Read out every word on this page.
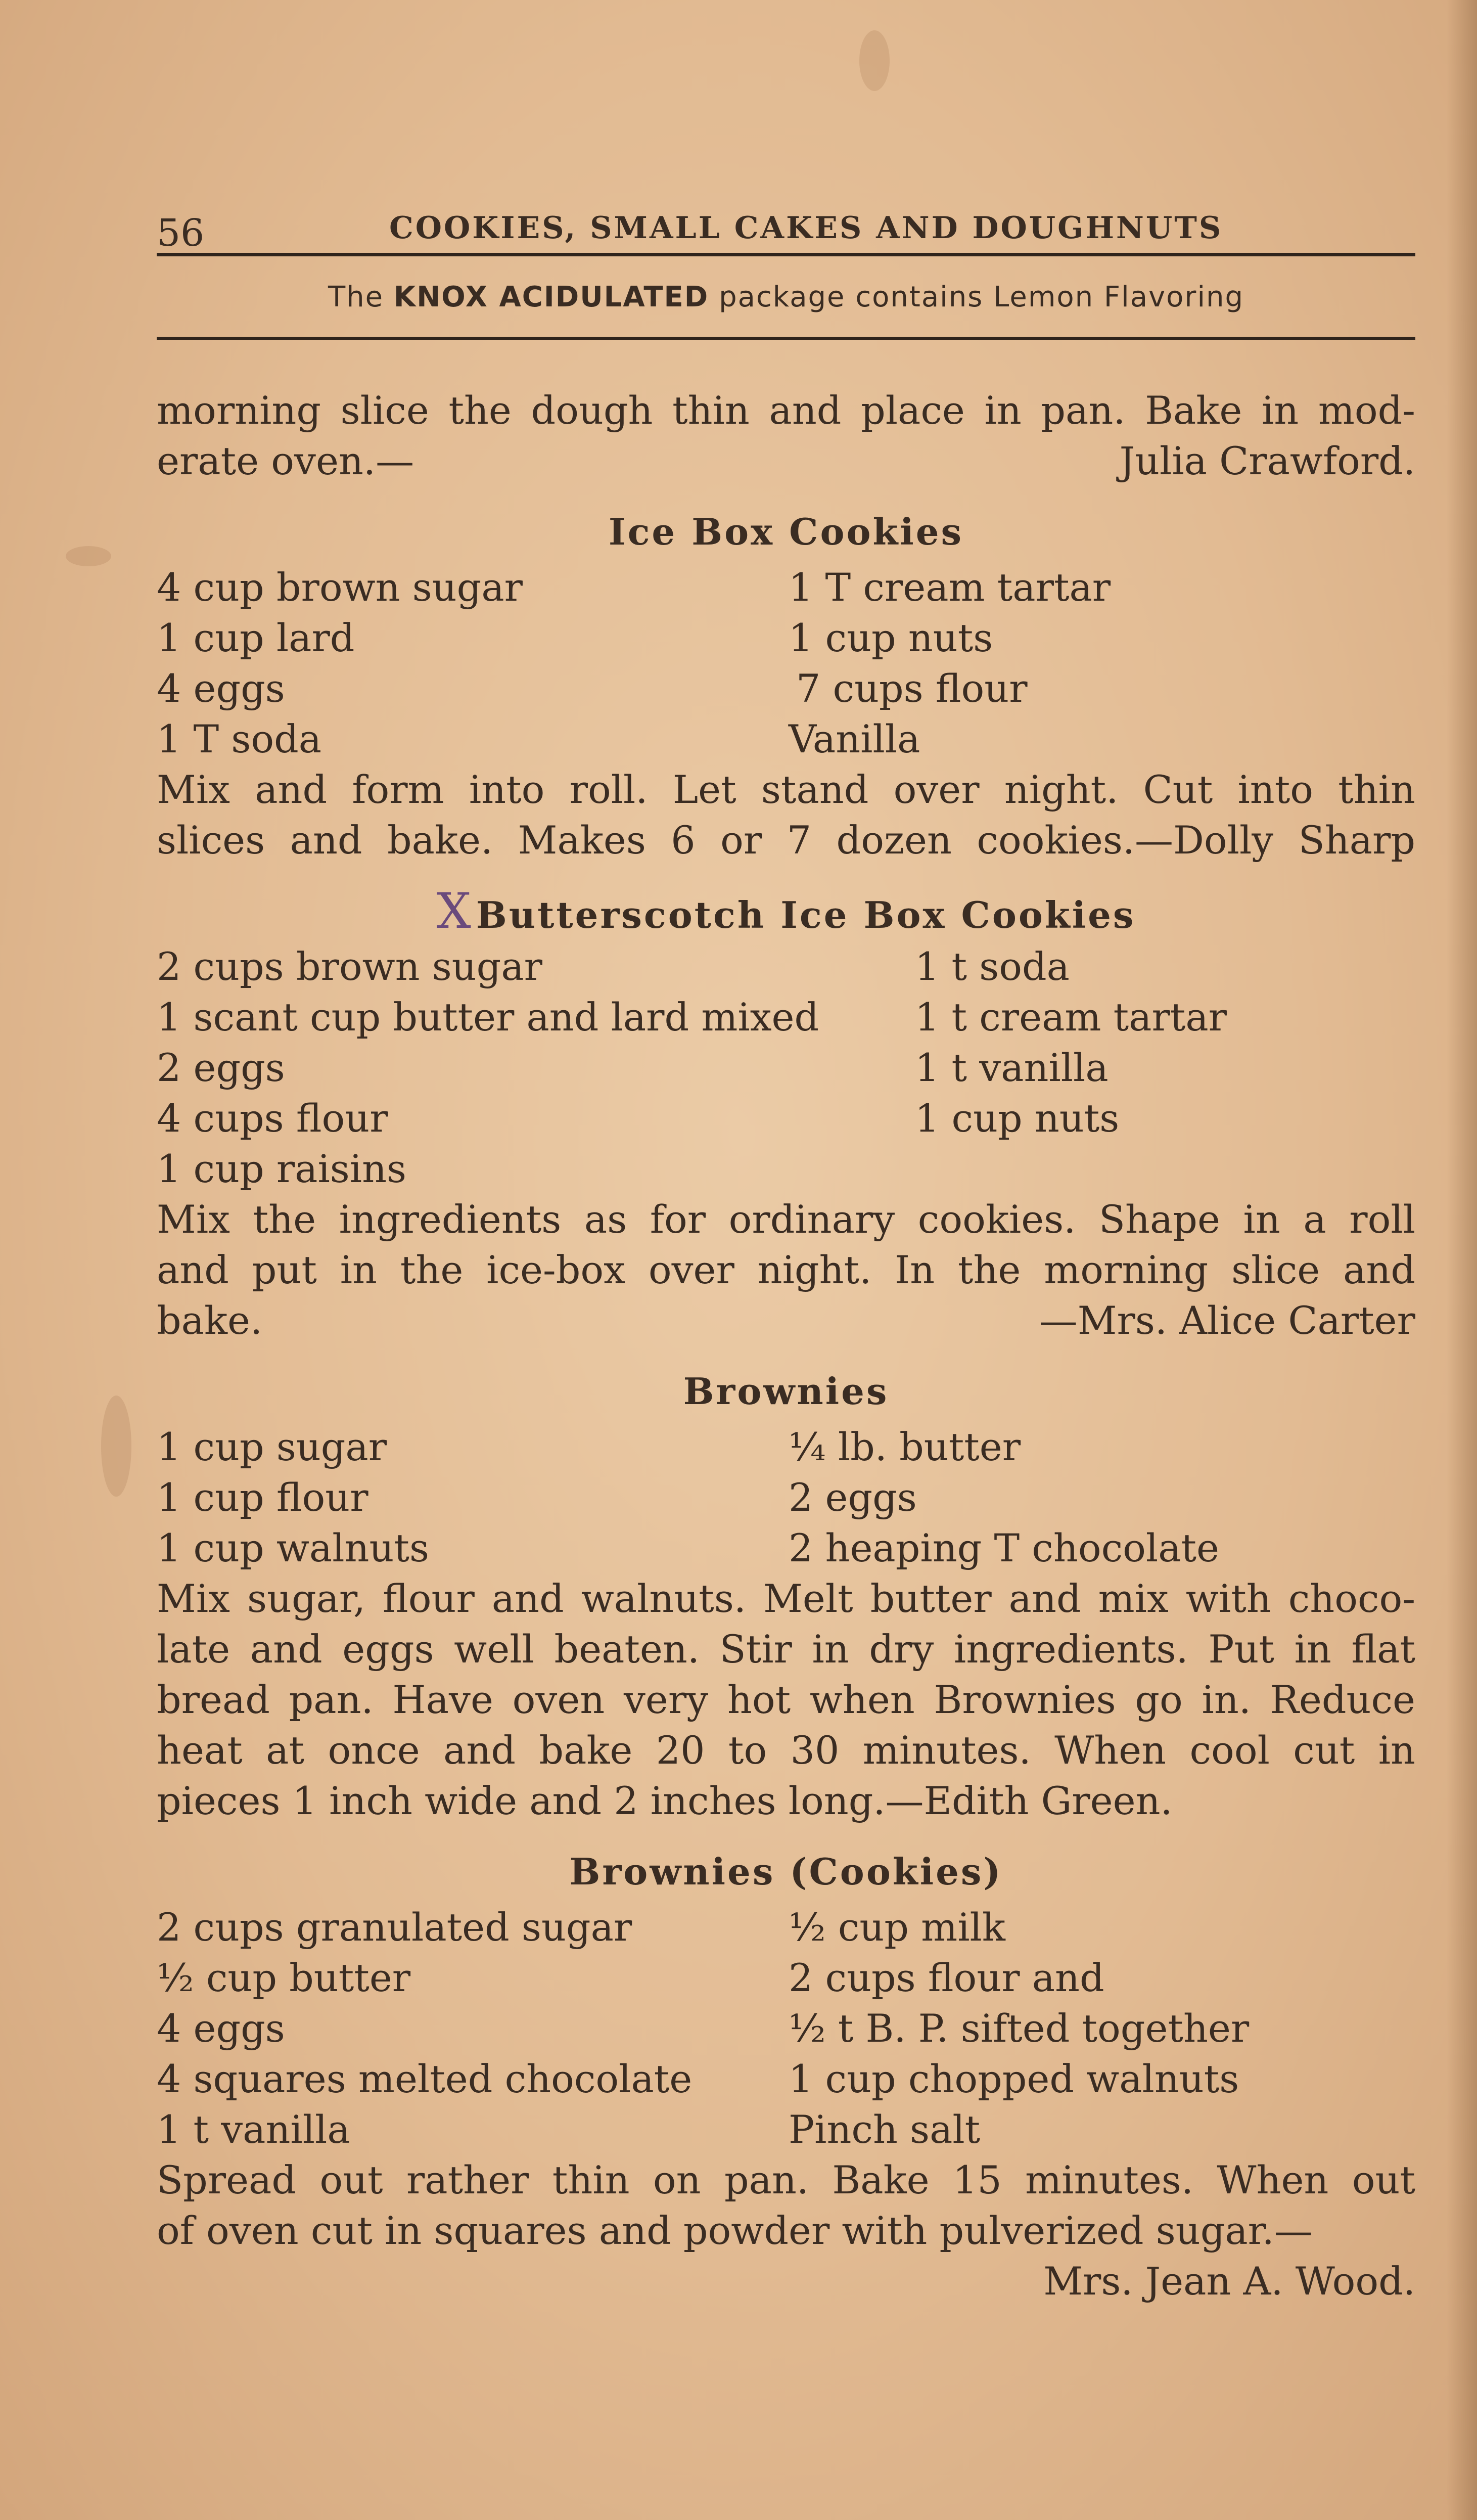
56	COOKIES, SMALL CAKES AND DOUGHNUTS
The KNOX ACIDULATED package contains Lemon Flavoring
morning slice the dough thin and place in pan. Bake in mod-
erate oven.—	Julia Crawford.
Ice Box Cookies
4 cup brown sugar	1 T cream tartar
1 cup lard	1 cup nuts
4 eggs	7 cups flour
1 T soda	Vanilla
Mix and form into roll. Let stand over night. Cut into thin
slices and bake. Makes 6 or 7 dozen cookies.—Dolly Sharp
XButterscotch Ice Box Cookies
2 cups brown sugar	1 t soda
1 scant cup butter and lard mixed 1 t cream tartar
2 eggs	1 t vanilla
4 cups flour	1 cup nuts
1 cup raisins
Mix the ingredients as for ordinary cookies. Shape in a roll
and put in the ice-box over night. In the morning slice and
bake.	—Mrs. Alice Carter
Brownies
1 cup sugar	¼ lb. butter
1 cup flour	2 eggs
1 cup walnuts	2 heaping T chocolate
Mix sugar, flour and walnuts. Melt butter and mix with choco-
late and eggs well beaten. Stir in dry ingredients. Put in flat
bread pan. Have oven very hot when Brownies go in. Reduce
heat at once and bake 20 to 30 minutes. When cool cut in
pieces 1 inch wide and 2 inches long.—Edith Green.
Brownies (Cookies)
2 cups granulated sugar	½ cup milk
½ cup butter	2 cups flour and
4 eggs	½ t B. P. sifted together
4 squares melted chocolate	1 cup chopped walnuts
1 t vanilla	Pinch salt
Spread out rather thin on pan. Bake 15 minutes. When out
of oven cut in squares and powder with pulverized sugar.—
Mrs. Jean A. Wood.
